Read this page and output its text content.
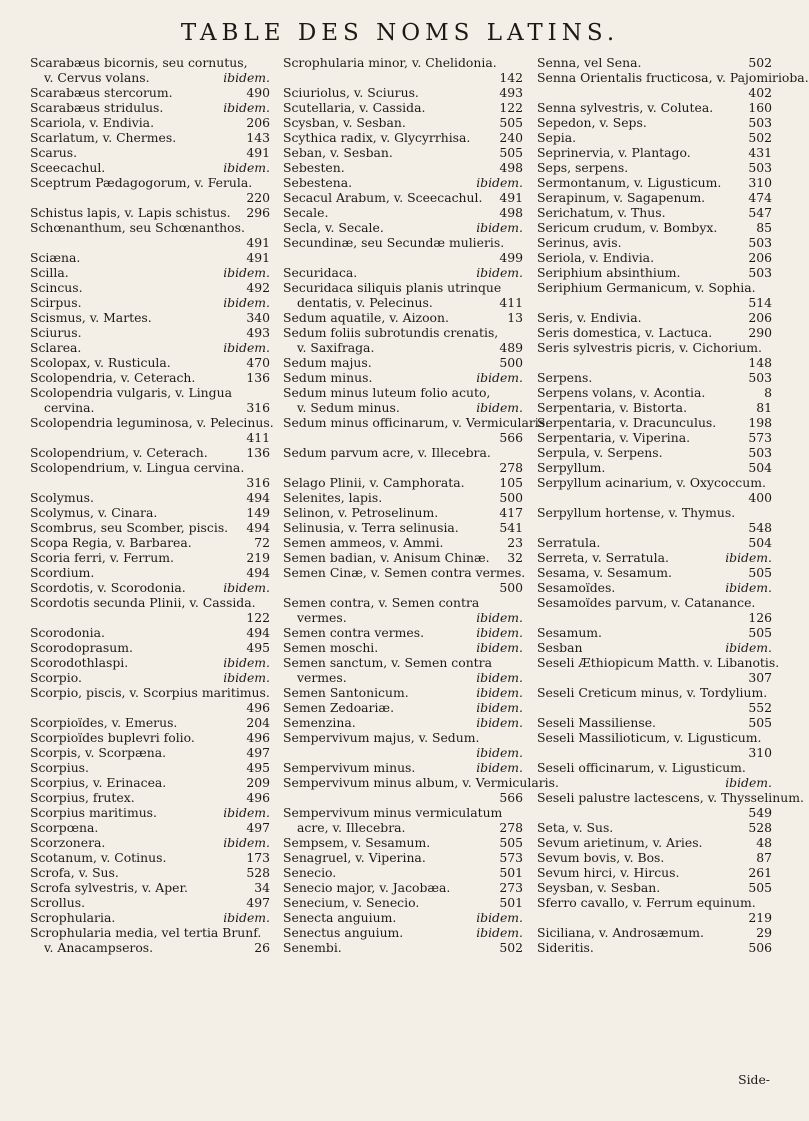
TABLE DES NOMS LATINS.
Scarabæus bicornis, seu cornutus,
v. Cervus volans.	ibidem.
Scarabæus stercorum.	490
Scarabæus stridulus.	ibidem.
Scariola, v. Endivia.	206
Scarlatum, v. Chermes.	143
Scarus.	491
Sceecachul.	ibidem.
Sceptrum Pædagogorum, v. Ferula.
220
Schistus lapis, v. Lapis schistus.	296
Schœnanthum, seu Schœnanthos.
491
Sciæna.	491
Scilla.	ibidem.
Scincus.	492
Scirpus.	ibidem.
Scismus, v. Martes.	340
Sciurus.	493
Sclarea.	ibidem.
Scolopax, v. Rusticula.	470
Scolopendria, v. Ceterach.	136
Scolopendria vulgaris, v. Lingua
cervina.	316
Scolopendria leguminosa, v. Pelecinus.
411
Scolopendrium, v. Ceterach.	136
Scolopendrium, v. Lingua cervina.
316
Scolymus.	494
Scolymus, v. Cinara.	149
Scombrus, seu Scomber, piscis.	494
Scopa Regia, v. Barbarea.	72
Scoria ferri, v. Ferrum.	219
Scordium.	494
Scordotis, v. Scorodonia.	ibidem.
Scordotis secunda Plinii, v. Cassida.
122
Scorodonia.	494
Scorodoprasum.	495
Scorodothlaspi.	ibidem.
Scorpio.	ibidem.
Scorpio, piscis, v. Scorpius maritimus.
496
Scorpioïdes, v. Emerus.	204
Scorpioïdes buplevri folio.	496
Scorpis, v. Scorpæna.	497
Scorpius.	495
Scorpius, v. Erinacea.	209
Scorpius, frutex.	496
Scorpius maritimus.	ibidem.
Scorpœna.	497
Scorzonera.	ibidem.
Scotanum, v. Cotinus.	173
Scrofa, v. Sus.	528
Scrofa sylvestris, v. Aper.	34
Scrollus.	497
Scrophularia.	ibidem.
Scrophularia media, vel tertia Brunf.
v. Anacampseros.	26
Scrophularia minor, v. Chelidonia.
142
Sciuriolus, v. Sciurus.	493
Scutellaria, v. Cassida.	122
Scysban, v. Sesban.	505
Scythica radix, v. Glycyrrhisa.	240
Seban, v. Sesban.	505
Sebesten.	498
Sebestena.	ibidem.
Secacul Arabum, v. Sceecachul.	491
Secale.	498
Secla, v. Secale.	ibidem.
Secundinæ, seu Secundæ mulieris.
499
Securidaca.	ibidem.
Securidaca siliquis planis utrinque
dentatis, v. Pelecinus.	411
Sedum aquatile, v. Aizoon.	13
Sedum foliis subrotundis crenatis,
v. Saxifraga.	489
Sedum majus.	500
Sedum minus.	ibidem.
Sedum minus luteum folio acuto,
v. Sedum minus.	ibidem.
Sedum minus officinarum, v. Vermicularis.
566
Sedum parvum acre, v. Illecebra.
278
Selago Plinii, v. Camphorata.	105
Selenites, lapis.	500
Selinon, v. Petroselinum.	417
Selinusia, v. Terra selinusia.	541
Semen ammeos, v. Ammi.	23
Semen badian, v. Anisum Chinæ.	32
Semen Cinæ, v. Semen contra vermes.
500
Semen contra, v. Semen contra
vermes.	ibidem.
Semen contra vermes.	ibidem.
Semen moschi.	ibidem.
Semen sanctum, v. Semen contra
vermes.	ibidem.
Semen Santonicum.	ibidem.
Semen Zedoariæ.	ibidem.
Semenzina.	ibidem.
Sempervivum majus, v. Sedum.
ibidem.
Sempervivum minus.	ibidem.
Sempervivum minus album, v. Vermicularis.
566
Sempervivum minus vermiculatum
acre, v. Illecebra.	278
Sempsem, v. Sesamum.	505
Senagruel, v. Viperina.	573
Senecio.	501
Senecio major, v. Jacobæa.	273
Senecium, v. Senecio.	501
Senecta anguium.	ibidem.
Senectus anguium.	ibidem.
Senembi.	502
Senna, vel Sena.	502
Senna Orientalis fructicosa, v. Pajomirioba.
402
Senna sylvestris, v. Colutea.	160
Sepedon, v. Seps.	503
Sepia.	502
Seprinervia, v. Plantago.	431
Seps, serpens.	503
Sermontanum, v. Ligusticum.	310
Serapinum, v. Sagapenum.	474
Serichatum, v. Thus.	547
Sericum crudum, v. Bombyx.	85
Serinus, avis.	503
Seriola, v. Endivia.	206
Seriphium absinthium.	503
Seriphium Germanicum, v. Sophia.
514
Seris, v. Endivia.	206
Seris domestica, v. Lactuca.	290
Seris sylvestris picris, v. Cichorium.
148
Serpens.	503
Serpens volans, v. Acontia.	8
Serpentaria, v. Bistorta.	81
Serpentaria, v. Dracunculus.	198
Serpentaria, v. Viperina.	573
Serpula, v. Serpens.	503
Serpyllum.	504
Serpyllum acinarium, v. Oxycoccum.
400
Serpyllum hortense, v. Thymus.
548
Serratula.	504
Serreta, v. Serratula.	ibidem.
Sesama, v. Sesamum.	505
Sesamoïdes.	ibidem.
Sesamoïdes parvum, v. Catanance.
126
Sesamum.	505
Sesban	ibidem.
Seseli Æthiopicum Matth. v. Libanotis.
307
Seseli Creticum minus, v. Tordylium.
552
Seseli Massiliense.	505
Seseli Massilioticum, v. Ligusticum.
310
Seseli officinarum, v. Ligusticum.
ibidem.
Seseli palustre lactescens, v. Thysselinum.
549
Seta, v. Sus.	528
Sevum arietinum, v. Aries.	48
Sevum bovis, v. Bos.	87
Sevum hirci, v. Hircus.	261
Seysban, v. Sesban.	505
Sferro cavallo, v. Ferrum equinum.
219
Siciliana, v. Androsæmum.	29
Sideritis.	506
Side-
